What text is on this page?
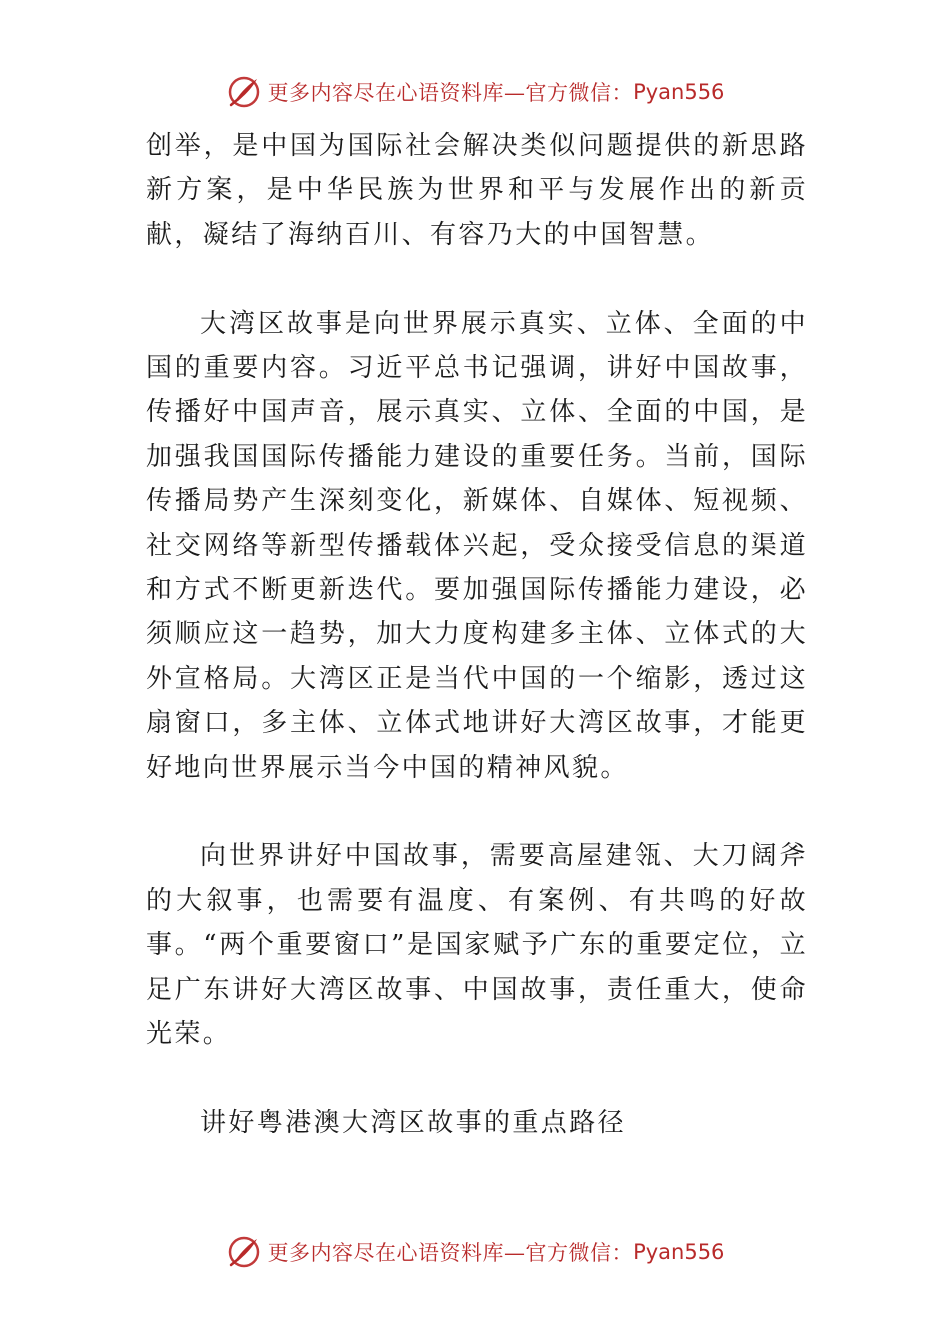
更多内容尽在心语资料库—官方微信： Pyan556

创举，是中国为国际社会解决类似问题提供的新思路新方案，是中华民族为世界和平与发展作出的新贡献，凝结了海纳百川、有容乃大的中国智慧。

大湾区故事是向世界展示真实、立体、全面的中国的重要内容。习近平总书记强调，讲好中国故事，传播好中国声音，展示真实、立体、全面的中国，是加强我国国际传播能力建设的重要任务。当前，国际传播局势产生深刻变化，新媒体、自媒体、短视频、社交网络等新型传播载体兴起，受众接受信息的渠道和方式不断更新迭代。要加强国际传播能力建设，必须顺应这一趋势，加大力度构建多主体、立体式的大外宣格局。大湾区正是当代中国的一个缩影，透过这扇窗口，多主体、立体式地讲好大湾区故事，才能更好地向世界展示当今中国的精神风貌。

向世界讲好中国故事，需要高屋建瓴、大刀阔斧的大叙事，也需要有温度、有案例、有共鸣的好故事。“两个重要窗口”是国家赋予广东的重要定位，立足广东讲好大湾区故事、中国故事，责任重大，使命光荣。

讲好粤港澳大湾区故事的重点路径

更多内容尽在心语资料库—官方微信： Pyan556
